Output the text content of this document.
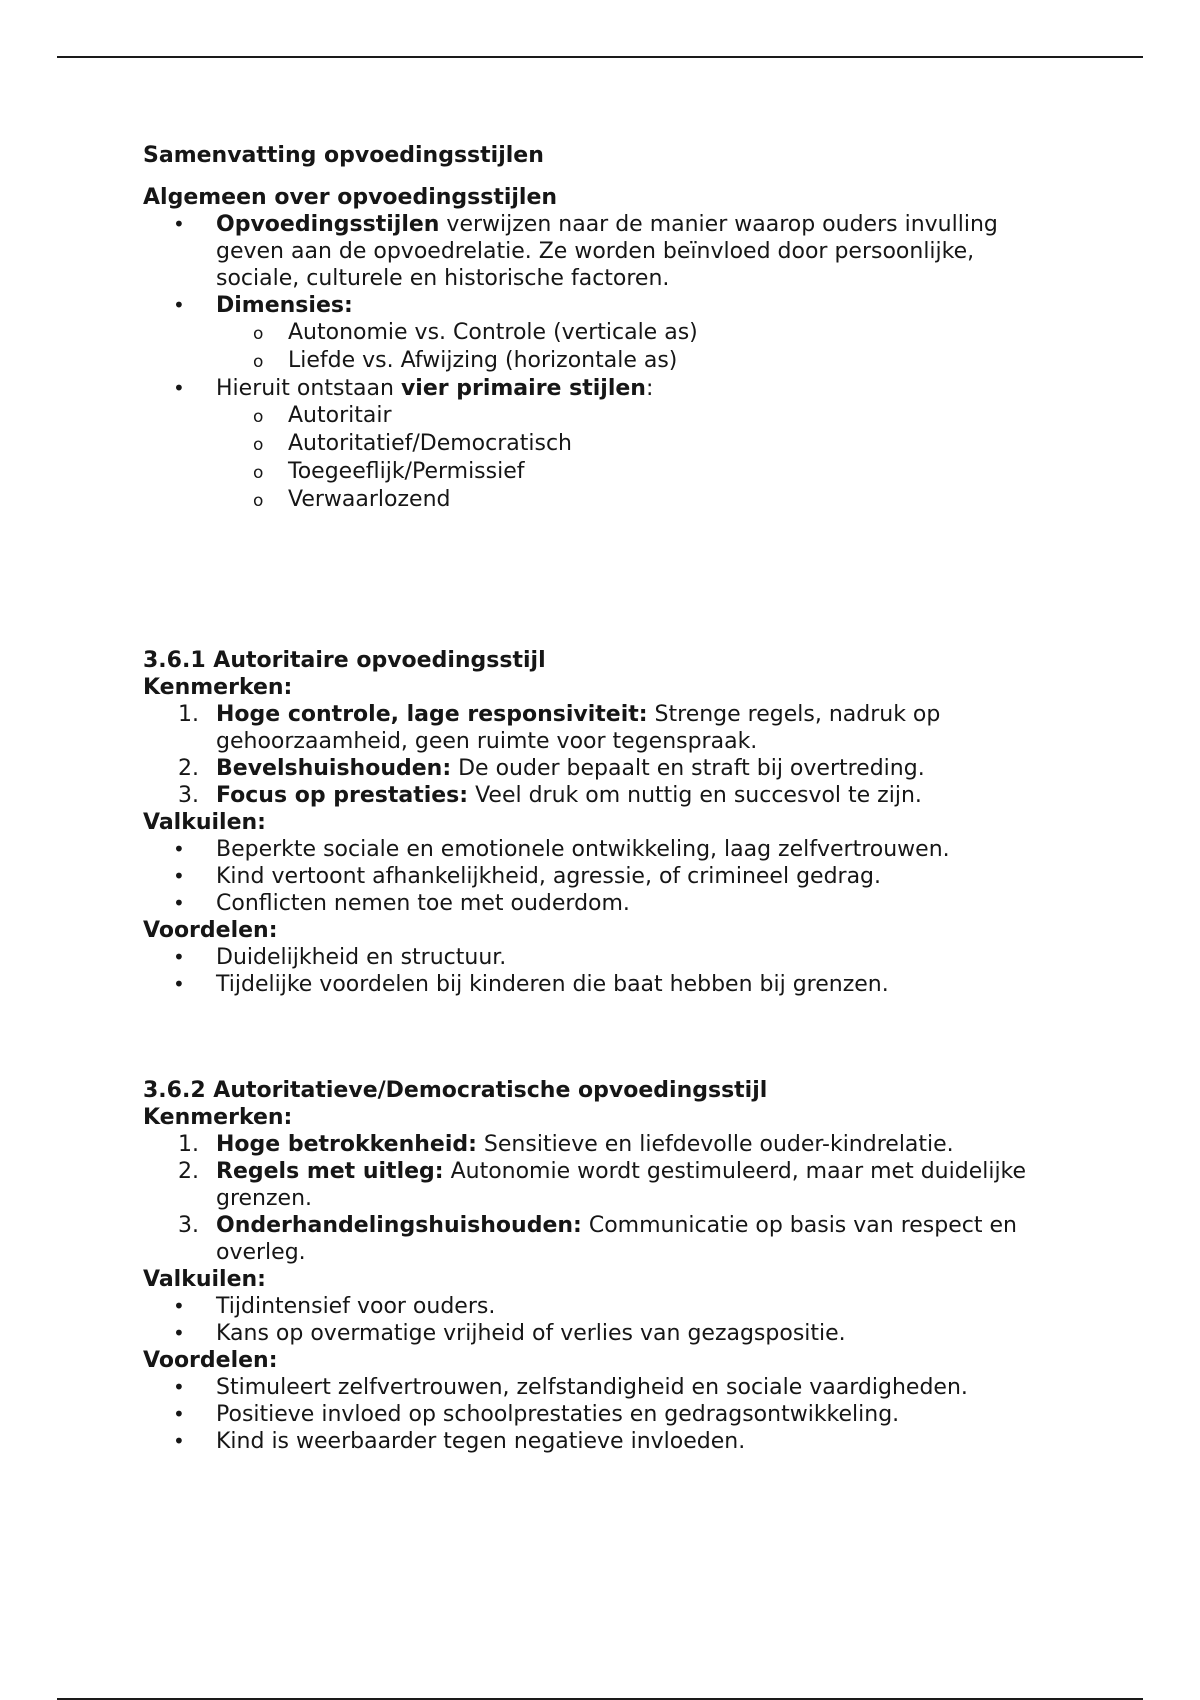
Samenvatting opvoedingsstijlen

Algemeen over opvoedingsstijlen

• Opvoedingsstijlen verwijzen naar de manier waarop ouders invulling
geven aan de opvoedrelatie. Ze worden beïnvloed door persoonlijke,
sociale, culturele en historische factoren.
• Dimensies:
o Autonomie vs. Controle (verticale as)
o Liefde vs. Afwijzing (horizontale as)
• Hieruit ontstaan vier primaire stijlen:
o Autoritair
o Autoritatief/Democratisch
o Toegeeflijk/Permissief
o Verwaarlozend

3.6.1 Autoritaire opvoedingsstijl

Kenmerken:

1. Hoge controle, lage responsiviteit: Strenge regels, nadruk op
gehoorzaamheid, geen ruimte voor tegenspraak.
2. Bevelshuishouden: De ouder bepaalt en straft bij overtreding.
3. Focus op prestaties: Veel druk om nuttig en succesvol te zijn.

Valkuilen:

• Beperkte sociale en emotionele ontwikkeling, laag zelfvertrouwen.
• Kind vertoont afhankelijkheid, agressie, of crimineel gedrag.
• Conflicten nemen toe met ouderdom.

Voordelen:

• Duidelijkheid en structuur.
• Tijdelijke voordelen bij kinderen die baat hebben bij grenzen.

3.6.2 Autoritatieve/Democratische opvoedingsstijl

Kenmerken:

1. Hoge betrokkenheid: Sensitieve en liefdevolle ouder-kindrelatie.
2. Regels met uitleg: Autonomie wordt gestimuleerd, maar met duidelijke
grenzen.
3. Onderhandelingshuishouden: Communicatie op basis van respect en
overleg.

Valkuilen:

• Tijdintensief voor ouders.
• Kans op overmatige vrijheid of verlies van gezagspositie.

Voordelen:

• Stimuleert zelfvertrouwen, zelfstandigheid en sociale vaardigheden.
• Positieve invloed op schoolprestaties en gedragsontwikkeling.
• Kind is weerbaarder tegen negatieve invloeden.
